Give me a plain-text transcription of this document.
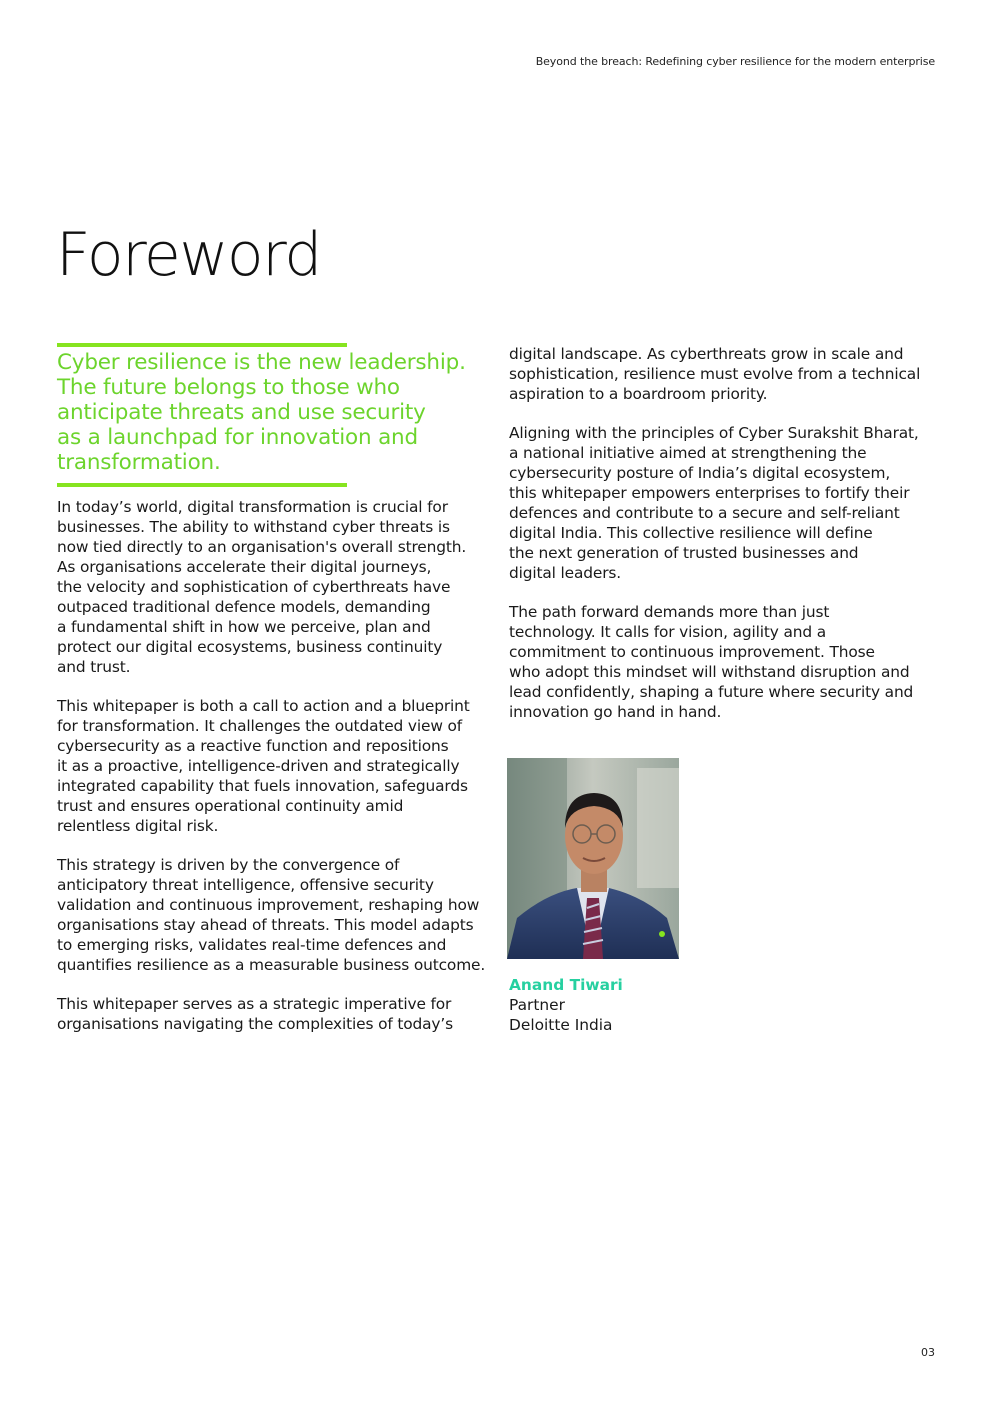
Beyond the breach: Redefining cyber resilience for the modern enterprise
Foreword

Cyber resilience is the new leadership.
The future belongs to those who
anticipate threats and use security
as a launchpad for innovation and
transformation.

In today’s world, digital transformation is crucial for
businesses. The ability to withstand cyber threats is
now tied directly to an organisation's overall strength.
As organisations accelerate their digital journeys,
the velocity and sophistication of cyberthreats have
outpaced traditional defence models, demanding
a fundamental shift in how we perceive, plan and
protect our digital ecosystems, business continuity
and trust.

This whitepaper is both a call to action and a blueprint
for transformation. It challenges the outdated view of
cybersecurity as a reactive function and repositions
it as a proactive, intelligence-driven and strategically
integrated capability that fuels innovation, safeguards
trust and ensures operational continuity amid
relentless digital risk.

This strategy is driven by the convergence of
anticipatory threat intelligence, offensive security
validation and continuous improvement, reshaping how
organisations stay ahead of threats. This model adapts
to emerging risks, validates real-time defences and
quantifies resilience as a measurable business outcome.

This whitepaper serves as a strategic imperative for
organisations navigating the complexities of today’s

digital landscape. As cyberthreats grow in scale and
sophistication, resilience must evolve from a technical
aspiration to a boardroom priority.

Aligning with the principles of Cyber Surakshit Bharat,
a national initiative aimed at strengthening the
cybersecurity posture of India’s digital ecosystem,
this whitepaper empowers enterprises to fortify their
defences and contribute to a secure and self-reliant
digital India. This collective resilience will define
the next generation of trusted businesses and
digital leaders.

The path forward demands more than just
technology. It calls for vision, agility and a
commitment to continuous improvement. Those
who adopt this mindset will withstand disruption and
lead confidently, shaping a future where security and
innovation go hand in hand.

Anand Tiwari
Partner
Deloitte India
03
